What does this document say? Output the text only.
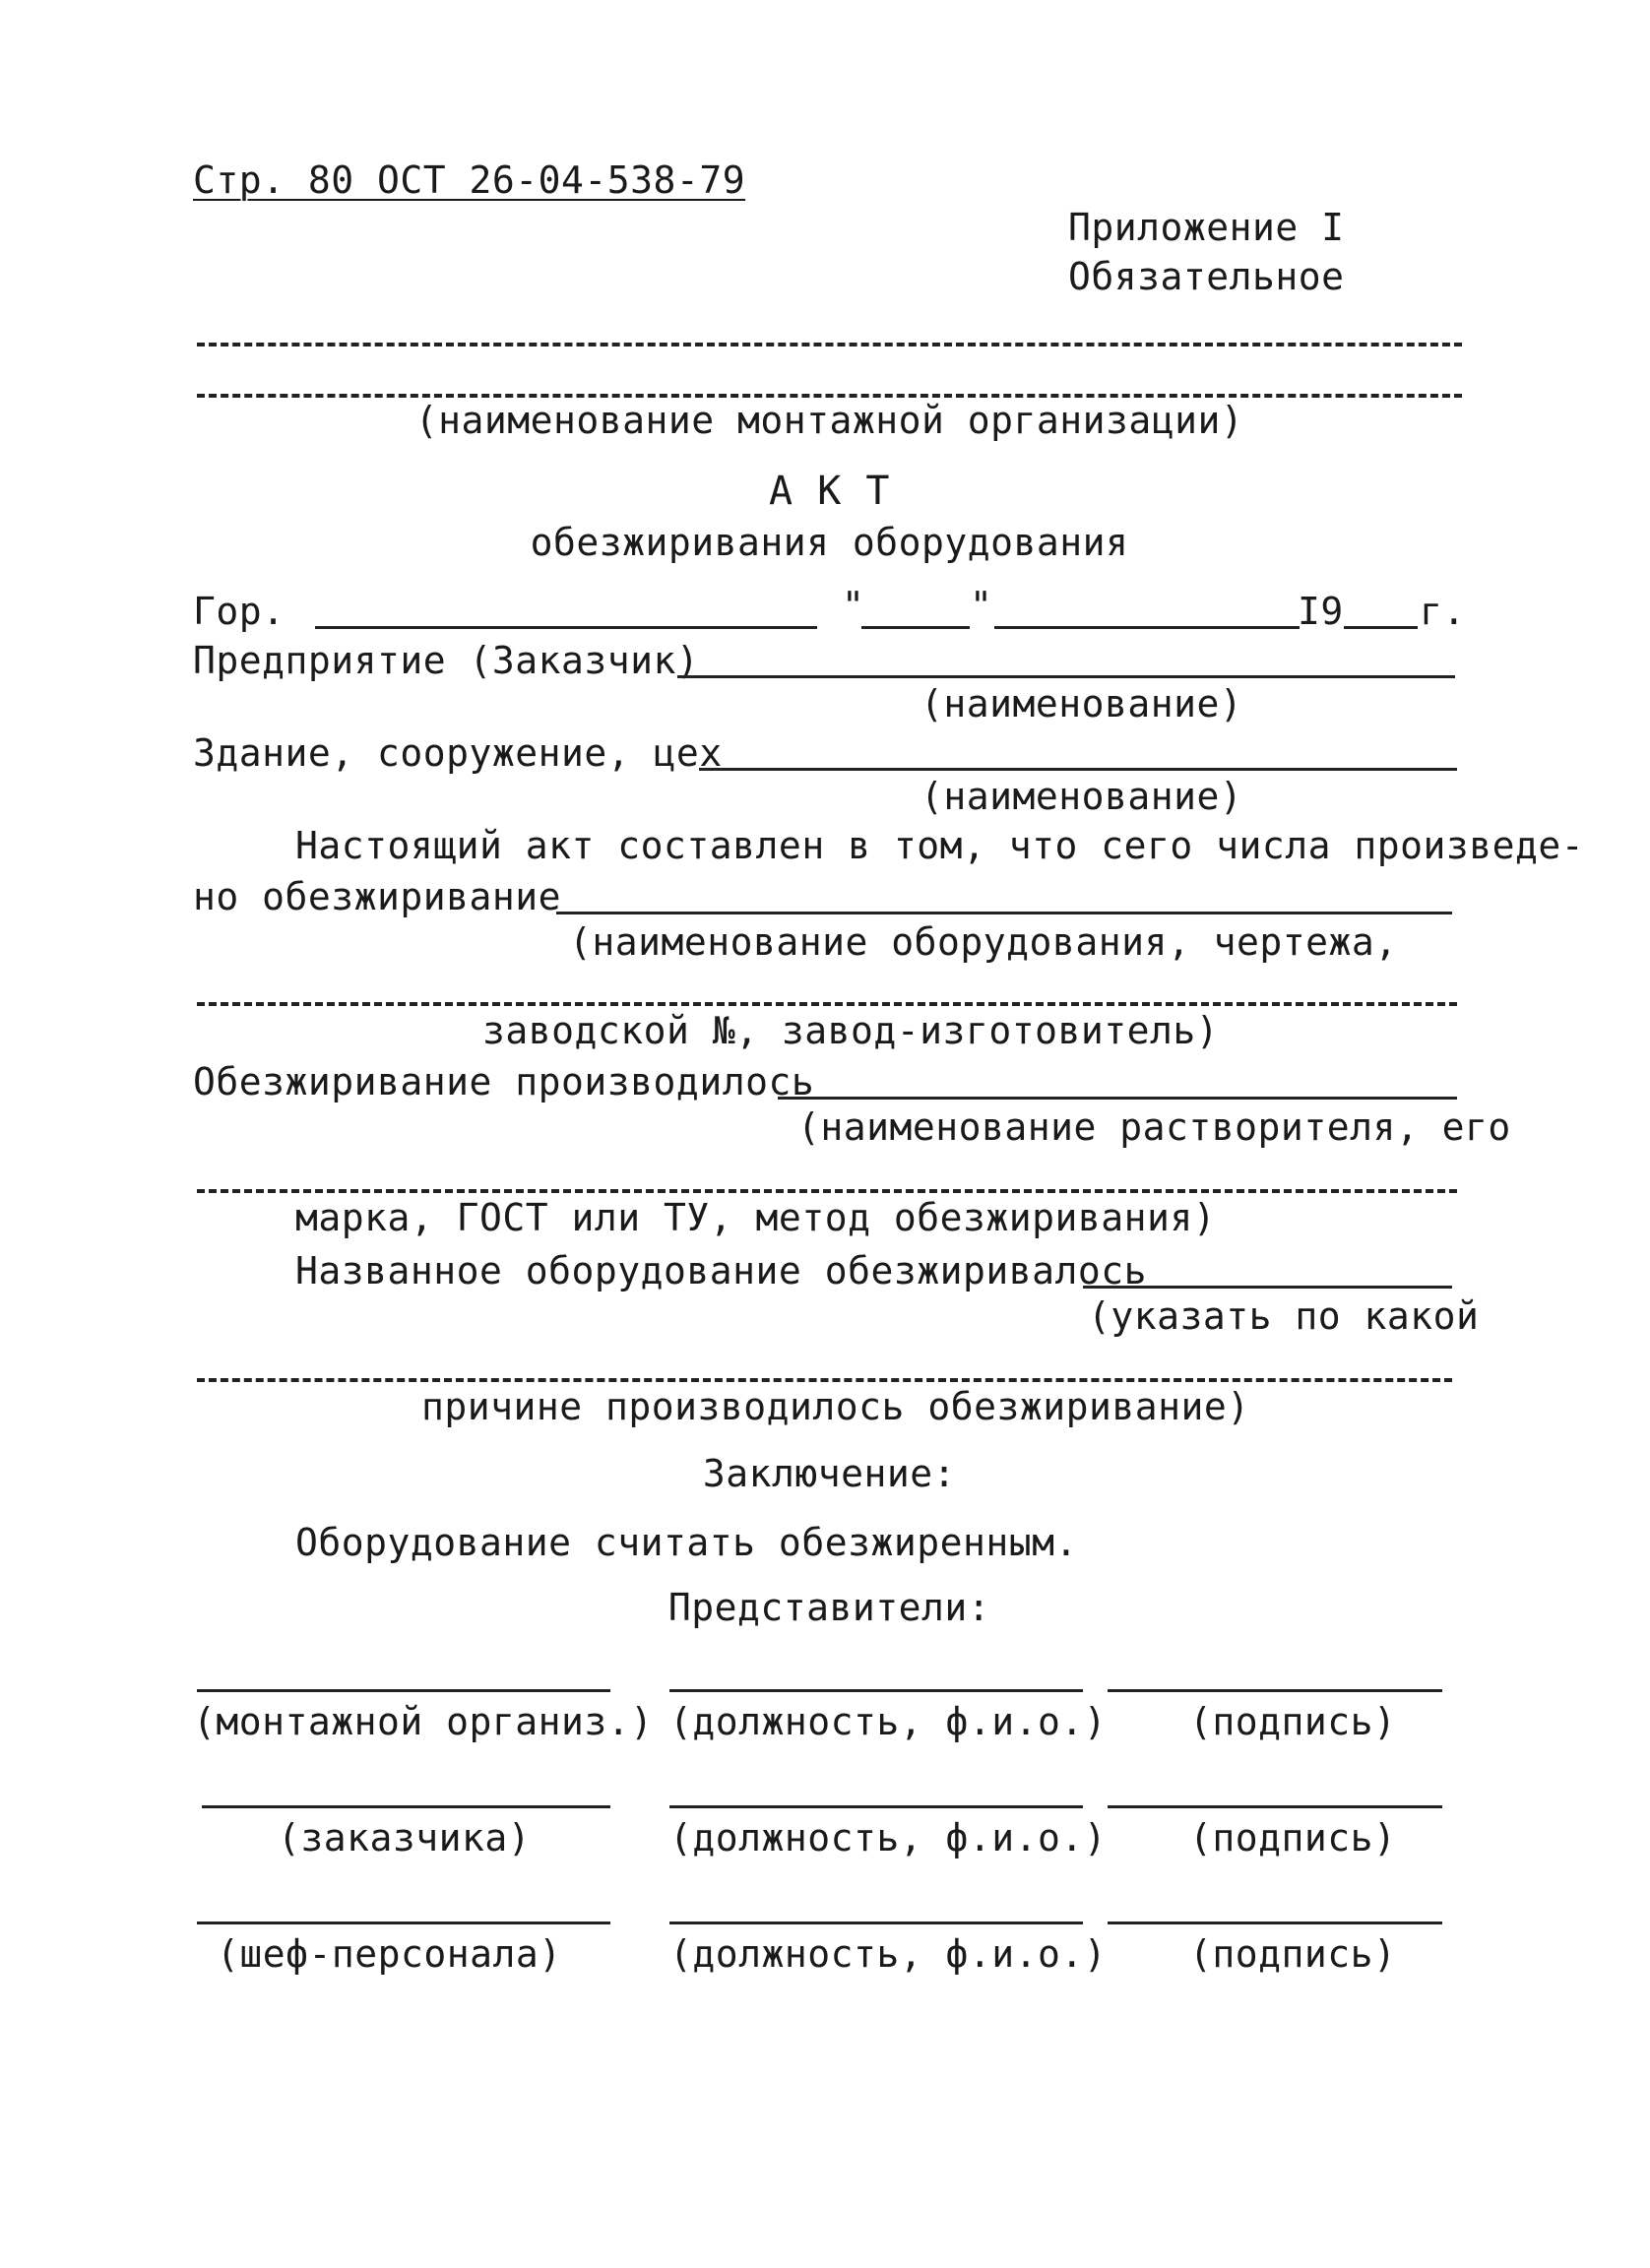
Стр. 80 ОСТ 26-04-538-79
Приложение I
Обязательное
(наименование монтажной организации)
А К Т
обезжиривания оборудования
Гор.	"	"	I9 г.
Предприятие (Заказчик)
(наименование)
Здание, сооружение, цех
(наименование)
Настоящий акт составлен в том, что сего числа произведе-
но обезжиривание
(наименование оборудования, чертежа,
заводской №, завод-изготовитель)
Обезжиривание производилось
(наименование растворителя, его
марка, ГОСТ или ТУ, метод обезжиривания)
Названное оборудование обезжиривалось
(указать по какой
причине производилось обезжиривание)
Заключение:
Оборудование считать обезжиренным.
Представители:
(монтажной организ.) (должность, ф.и.о.) (подпись)
(заказчика)	(должность, ф.и.о.) (подпись)
(шеф-персонала)	(должность, ф.и.о.) (подпись)
